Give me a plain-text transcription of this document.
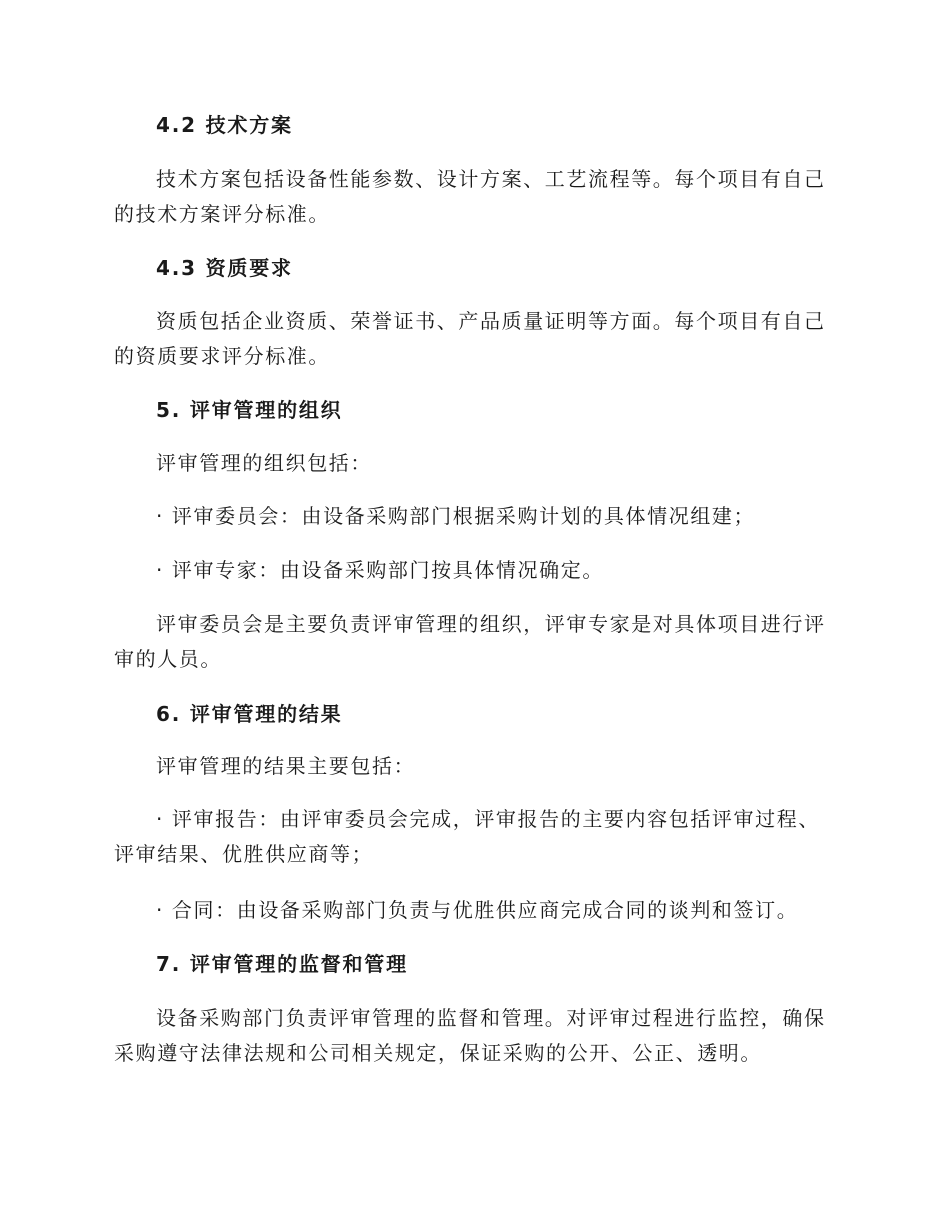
4.2 技术方案

技术方案包括设备性能参数、设计方案、工艺流程等。每个项目有自己
的技术方案评分标准。

4.3 资质要求

资质包括企业资质、荣誉证书、产品质量证明等方面。每个项目有自己
的资质要求评分标准。

5. 评审管理的组织

评审管理的组织包括：

· 评审委员会：由设备采购部门根据采购计划的具体情况组建；

· 评审专家：由设备采购部门按具体情况确定。

评审委员会是主要负责评审管理的组织，评审专家是对具体项目进行评
审的人员。

6. 评审管理的结果

评审管理的结果主要包括：

· 评审报告：由评审委员会完成，评审报告的主要内容包括评审过程、
评审结果、优胜供应商等；

· 合同：由设备采购部门负责与优胜供应商完成合同的谈判和签订。

7. 评审管理的监督和管理

设备采购部门负责评审管理的监督和管理。对评审过程进行监控，确保
采购遵守法律法规和公司相关规定，保证采购的公开、公正、透明。
